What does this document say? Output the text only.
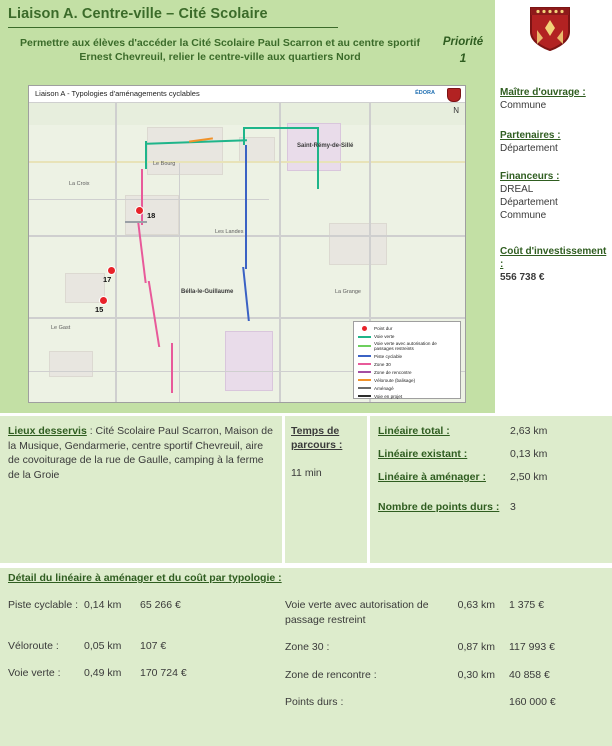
Liaison A. Centre-ville – Cité Scolaire
Permettre aux élèves d'accéder la Cité Scolaire Paul Scarron et au centre sportif Ernest Chevreuil, relier le centre-ville aux quartiers Nord
Priorité
1
Liaison A - Typologies d'aménagements cyclables	ÉDORA
18
17
15
Saint-Rémy-de-Sillé
Bélla-le-Guillaume
Le Gast
La Croix
Les Landes
La Grange
Le Bourg
N
Point dur
Voie verte
Voie verte avec autorisation de passages restreints
Piste cyclable
Zone 30
Zone de rencontre
Véloroute (balisage)
Aménagé
Voie en projet
Maître d'ouvrage :
Commune
Partenaires :
Département
Financeurs :
DREAL
Département
Commune
Coût d'investissement :
556 738 €
Lieux desservis : Cité Scolaire Paul Scarron, Maison de la Musique, Gendarmerie, centre sportif Chevreuil, aire de covoiturage de la rue de Gaulle, camping à la ferme de la Groie
Temps de parcours :
11 min
Linéaire total :	2,63 km
Linéaire existant :	0,13 km
Linéaire à aménager :	2,50 km
Nombre de points durs :	3
Détail du linéaire à aménager et du coût par typologie :
Piste cyclable : 0,14 km	65 266 €
Véloroute :	0,05 km	107 €
Voie verte :	0,49 km	170 724 €
Voie verte avec autorisation de passage restreint
0,63 km	1 375 €
Zone 30 :	0,87 km	117 993 €
Zone de rencontre :	0,30 km	40 858 €
Points durs :	160 000 €
